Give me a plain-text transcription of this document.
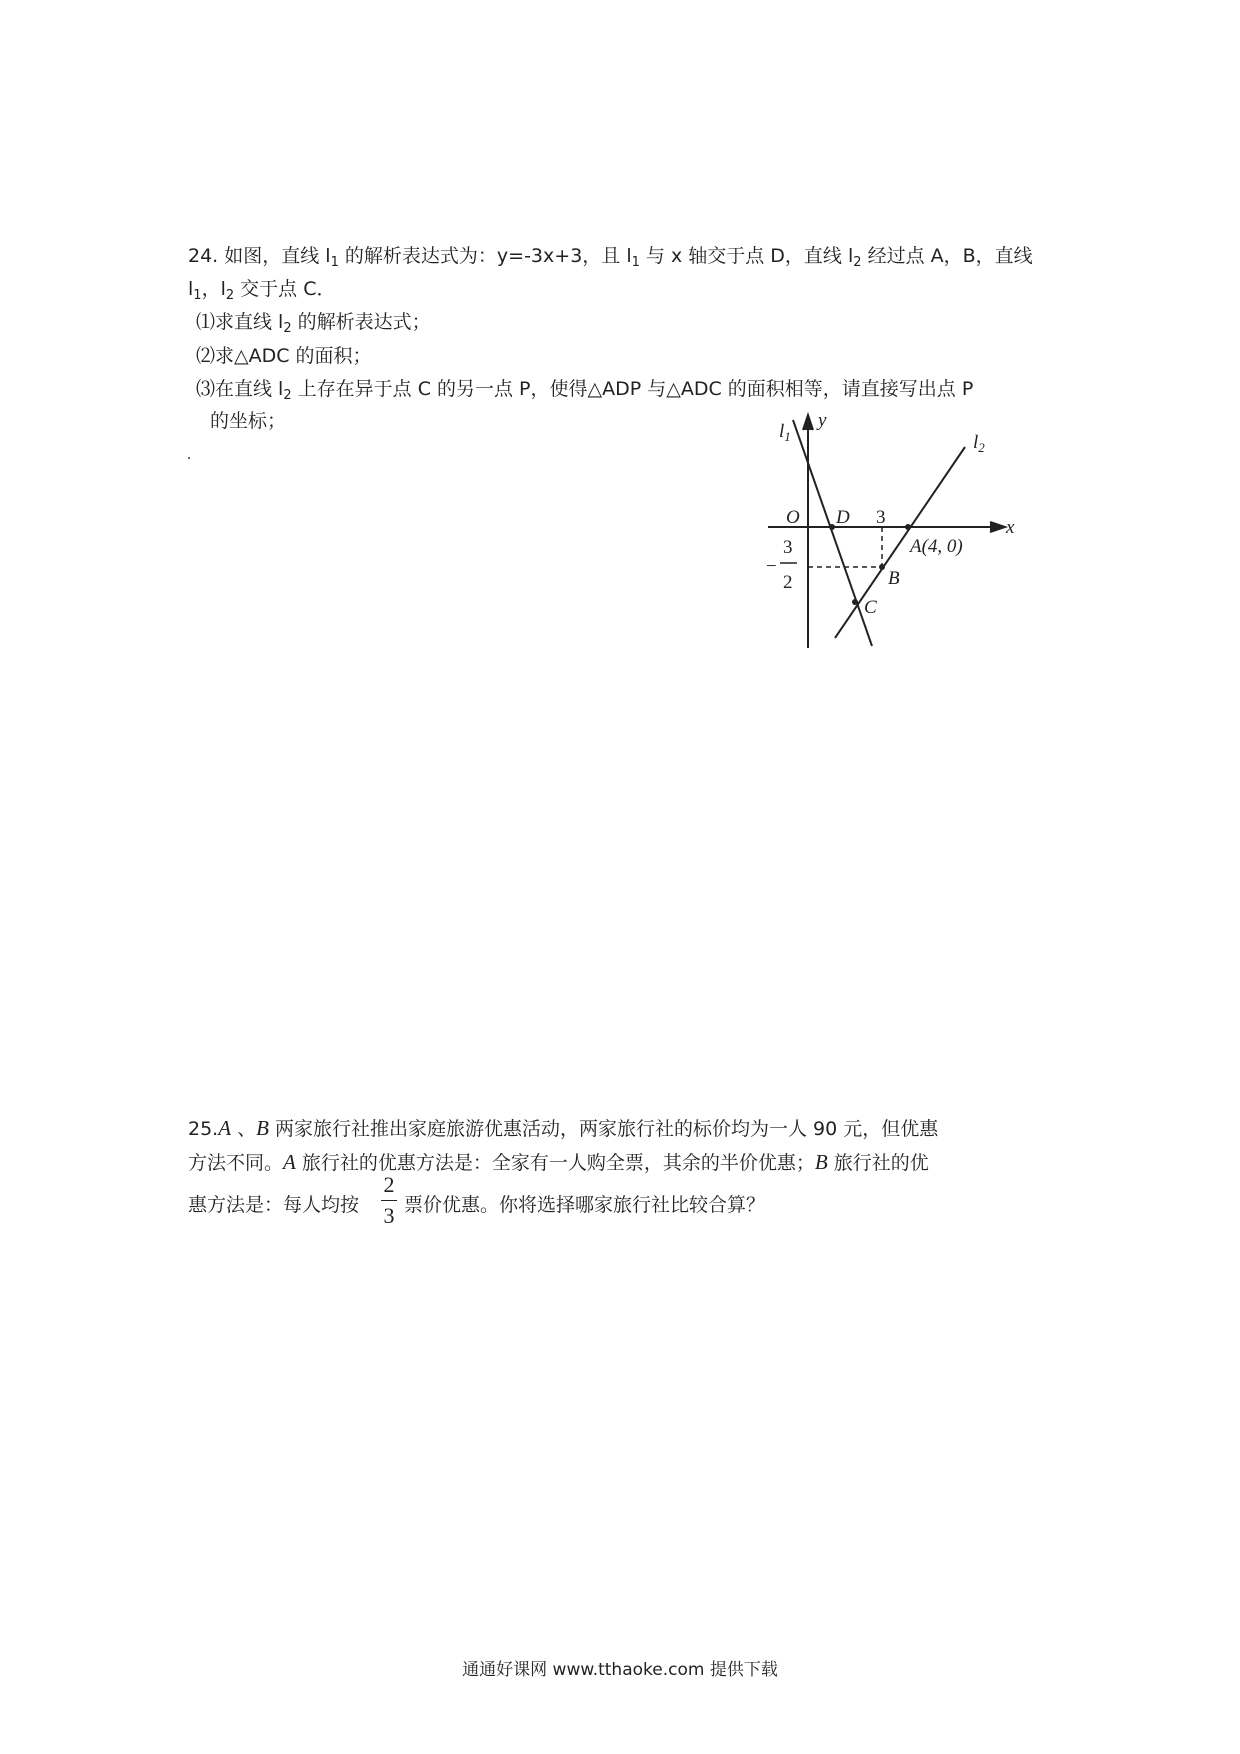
24. 如图，直线 $l_1$ 的解析表达式为：y=-3x+3，且 $l_1$ 与 x 轴交于点 D，直线 $l_2$ 经过点 A，B，直线
$l_1$，$l_2$ 交于点 C．
⑴求直线 $l_2$ 的解析表达式；
⑵求△ADC 的面积；
⑶在直线 $l_2$ 上存在异于点 C 的另一点 P，使得△ADP 与△ADC 的面积相等，请直接写出点 P
的坐标；	$l_1$
y
$l_2$
O D 3	x
A(4, 0)
B
C
−
3
2
25.A 、B 两家旅行社推出家庭旅游优惠活动，两家旅行社的标价均为一人 90 元，但优惠
方法不同。A 旅行社的优惠方法是：全家有一人购全票，其余的半价优惠；B 旅行社的优
惠方法是：每人均按
2
3 票价优惠。你将选择哪家旅行社比较合算？
通通好课网 www.tthaoke.com 提供下载
